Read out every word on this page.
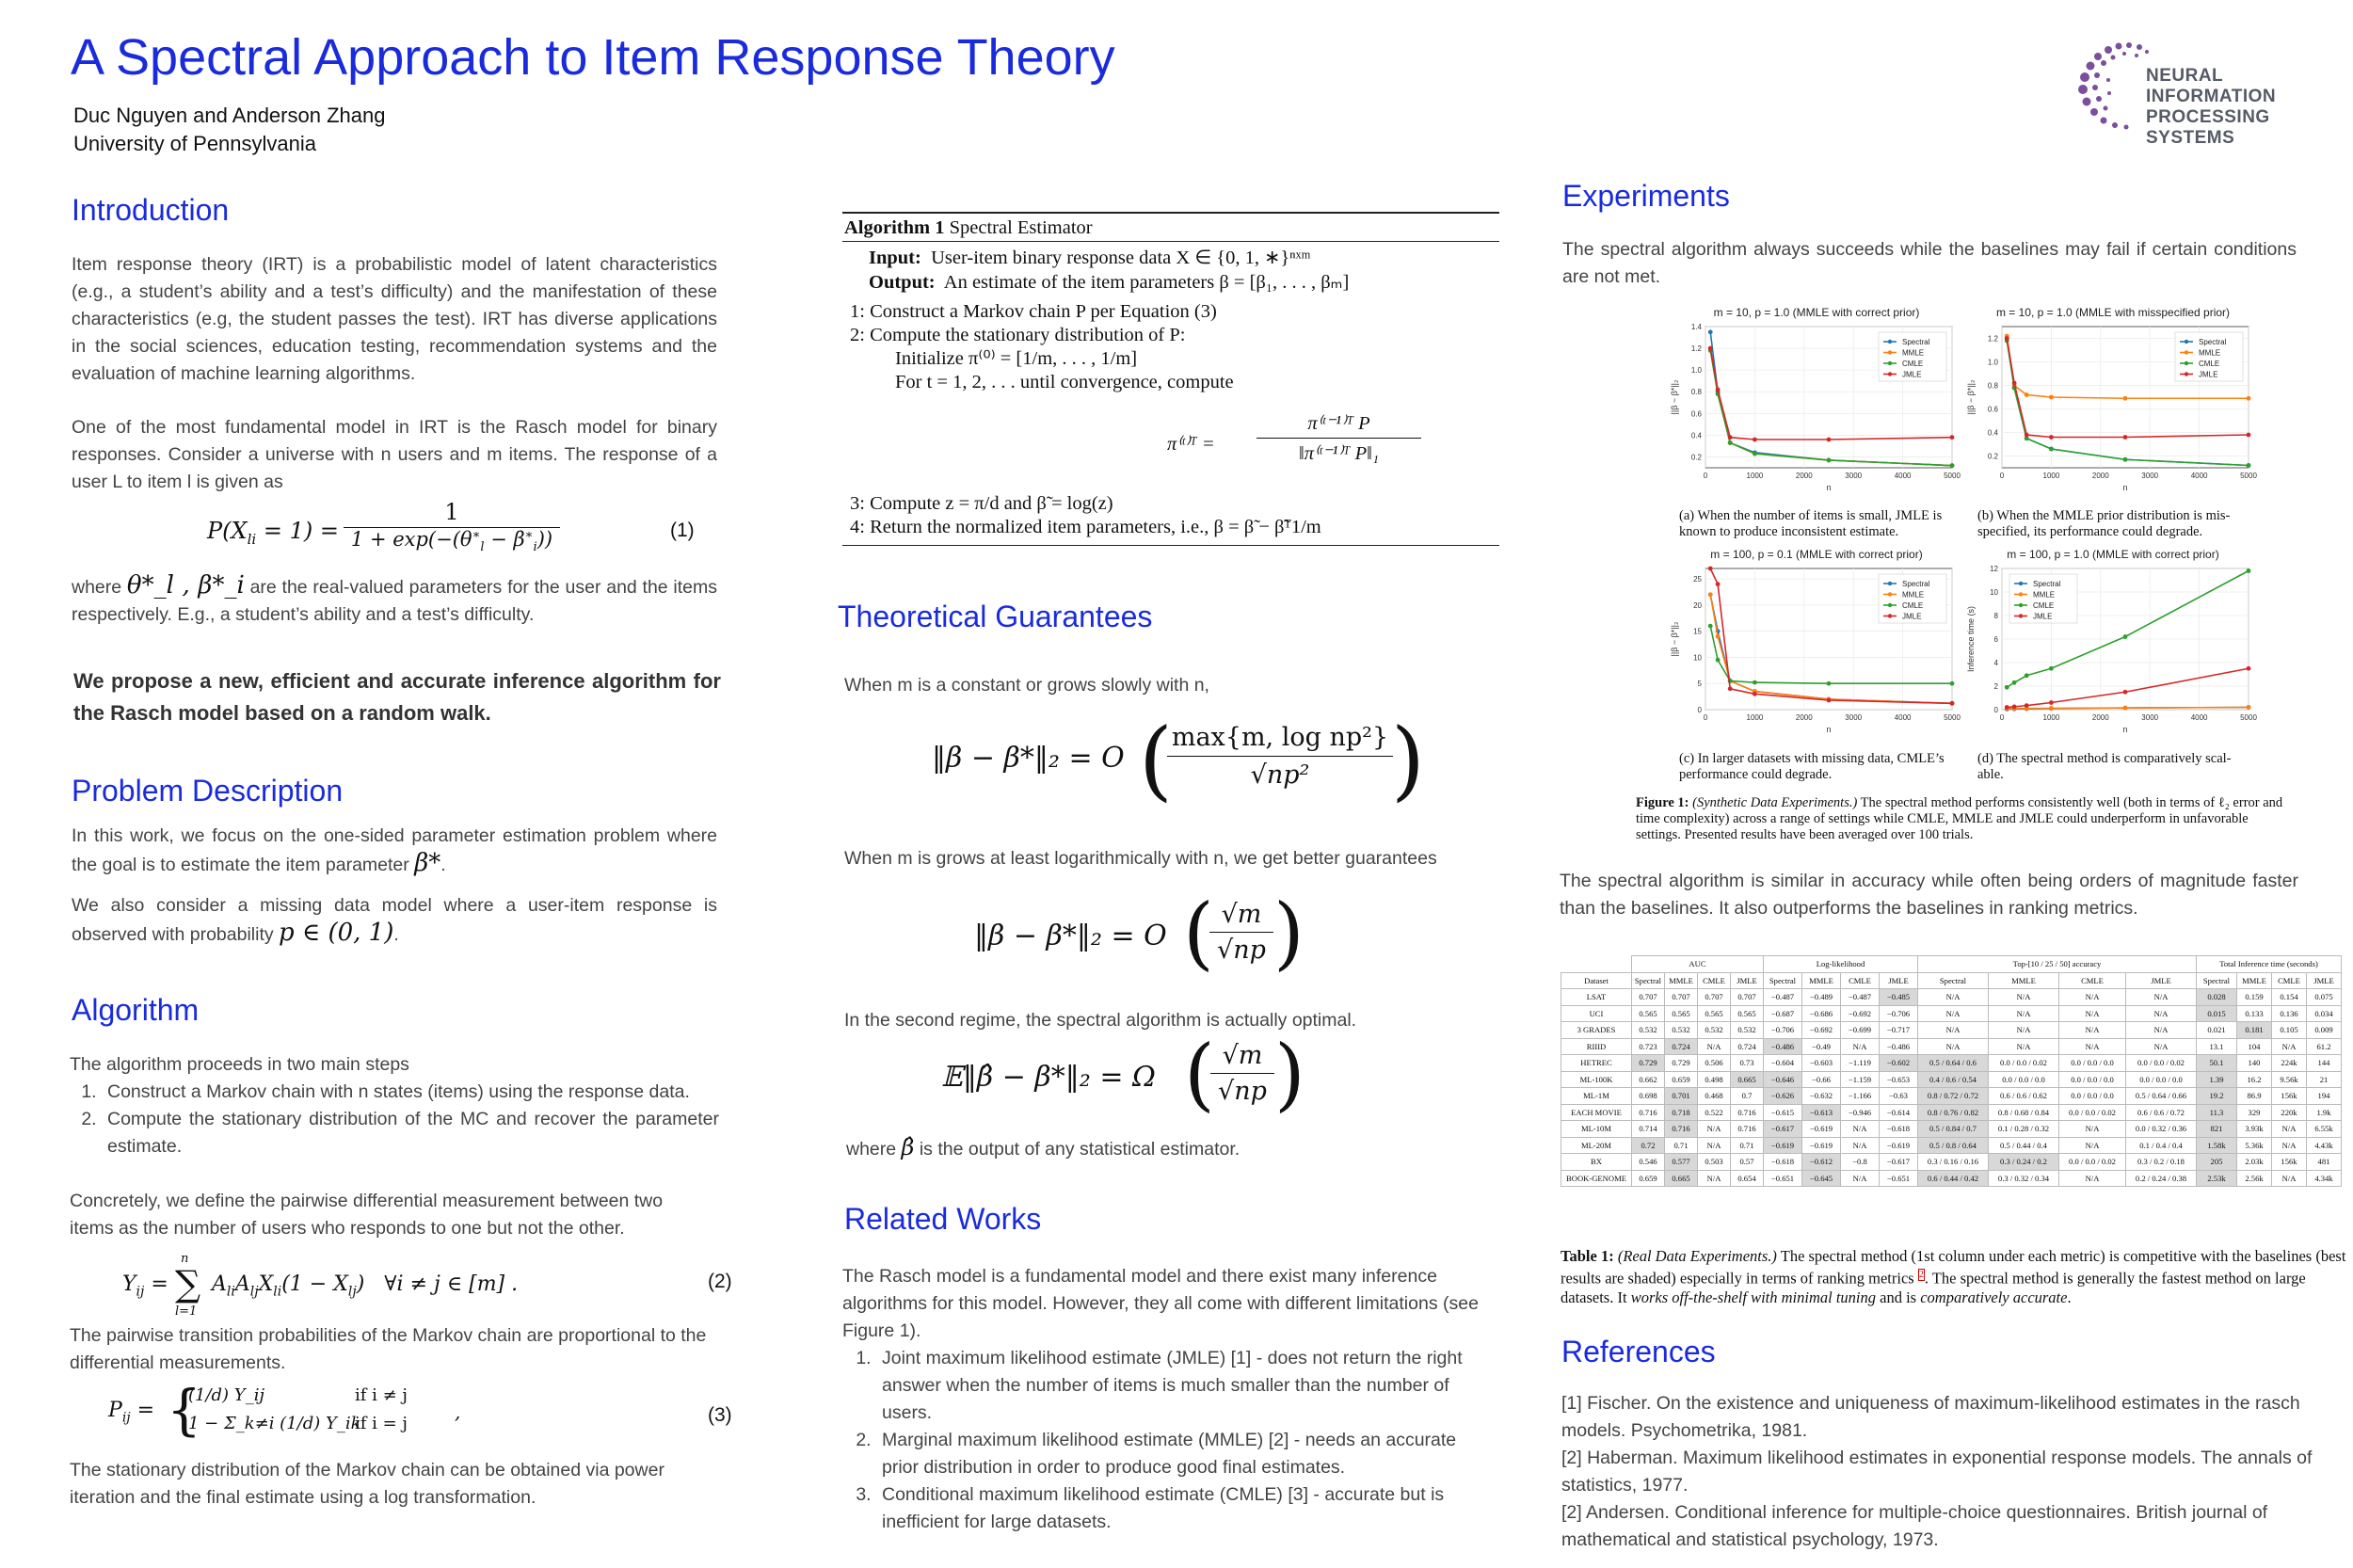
A Spectral Approach to Item Response Theory
Duc Nguyen and Anderson Zhang
University of Pennsylvania
NEURAL INFORMATION
PROCESSING SYSTEMS
Introduction
Item response theory (IRT) is a probabilistic model of latent characteristics (e.g., a student’s ability and a test’s difficulty) and the manifestation of these characteristics (e.g, the student passes the test). IRT has diverse applications in the social sciences, education testing, recommendation systems and the evaluation of machine learning algorithms.
One of the most fundamental model in IRT is the Rasch model for binary responses. Consider a universe with n users and m items. The response of a user L to item l is given as
$P(X_{li} = 1)$ =
1
$1 + \exp(-(\theta^∗_l - \beta^∗_i))$	(1)
where θ*_l , β*_i are the real-valued parameters for the user and the items respectively. E.g., a student’s ability and a test’s difficulty.
We propose a new, efficient and accurate inference algorithm for the Rasch model based on a random walk.
Problem Description
In this work, we focus on the one-sided parameter estimation problem where the goal is to estimate the item parameter β*.
We also consider a missing data model where a user-item response is observed with probability p ∈ (0, 1).
Algorithm
The algorithm proceeds in two main steps
1. Construct a Markov chain with n states (items) using the response data.
2. Compute the stationary distribution of the MC and recover the parameter estimate.
Concretely, we define the pairwise differential measurement between two items as the number of users who responds to one but not the other.
$Y_{ij}$ =
n
∑
l=1
$A_{li}A_{lj}X_{li}(1 - X_{lj})$   ∀i ≠ j ∈ [m] .	(2)
The pairwise transition probabilities of the Markov chain are proportional to the differential measurements.
$P_{ij}$ = {
(1/d) Y_ij	if i ≠ j
1 − Σ_k≠i (1/d) Y_ik
if i = j
,	(3)
The stationary distribution of the Markov chain can be obtained via power iteration and the final estimate using a log transformation.
Algorithm 1 Spectral Estimator
Input: User-item binary response data X ∈ {0, 1, ∗}ⁿˣᵐ
Output: An estimate of the item parameters β = [β₁, . . . , βₘ]
1: Construct a Markov chain P per Equation (3)
2: Compute the stationary distribution of P:
Initialize π⁽⁰⁾ = [1/m, . . . , 1/m]
For t = 1, 2, . . . until convergence, compute
π⁽ᵗ⁾ᵀ = $\frac{\text{π⁽ᵗ⁻¹⁾ᵀ P}}{\text{‖π⁽ᵗ⁻¹⁾ᵀ P‖₁}}$
3: Compute z = π/d and β̃ = log(z)
4: Return the normalized item parameters, i.e., β = β̃ − β̃ᵀ1/m
Theoretical Guarantees
When m is a constant or grows slowly with n,
‖β − β*‖₂ = O (
max{m, log np²}
√np² )
When m is grows at least logarithmically with n, we get better guarantees
‖β − β*‖₂ = O (
$\frac{√m}{√np}$ )
In the second regime, the spectral algorithm is actually optimal.
𝔼‖β̂ − β*‖₂ = Ω (
$\frac{√m}{√np}$ )
where β̂ is the output of any statistical estimator.
Related Works
The Rasch model is a fundamental model and there exist many inference algorithms for this model. However, they all come with different limitations (see Figure 1).
1. Joint maximum likelihood estimate (JMLE) [1] - does not return the right answer when the number of items is much smaller than the number of users.
2. Marginal maximum likelihood estimate (MMLE) [2] - needs an accurate prior distribution in order to produce good final estimates.
3. Conditional maximum likelihood estimate (CMLE) [3] - accurate but is inefficient for large datasets.
Experiments
The spectral algorithm always succeeds while the baselines may fail if certain conditions are not met.
m = 10, p = 1.0 (MMLE with correct prior)
0	1000	2000	3000	4000	5000
0.2
0.4
0.6
0.8
1.0
1.2
1.4
n
||β − β*||₂
Spectral
MMLE
CMLE
JMLE
m = 10, p = 1.0 (MMLE with misspecified prior)
0	1000	2000	3000	4000	5000
0.2
0.4
0.6
0.8
1.0
1.2
n
||β − β*||₂
Spectral
MMLE
CMLE
JMLE
(a) When the number of items is small, JMLE is known to produce inconsistent estimate.
(b) When the MMLE prior distribution is mis-specified, its performance could degrade.
m = 100, p = 0.1 (MMLE with correct prior)
0	1000	2000	3000	4000	5000
0
5
10
15
20
25
n
||β − β*||₂
Spectral
MMLE
CMLE
JMLE
m = 100, p = 1.0 (MMLE with correct prior)
0	1000	2000	3000	4000	5000
0
2
4
6
8
10
12
n
Inference time (s)
Spectral
MMLE
CMLE
JMLE
(c) In larger datasets with missing data, CMLE’s performance could degrade.
(d) The spectral method is comparatively scal-able.
Figure 1: (Synthetic Data Experiments.) The spectral method performs consistently well (both in terms of ℓ₂ error and time complexity) across a range of settings while CMLE, MMLE and JMLE could underperform in unfavorable settings. Presented results have been averaged over 100 trials.
The spectral algorithm is similar in accuracy while often being orders of magnitude faster than the baselines. It also outperforms the baselines in ranking metrics.
	AUC				Log-likelihood				Top-[10 / 25 / 50] accuracy				Total Inference time (seconds)			
Dataset	Spectral	MMLE	CMLE	JMLE	Spectral	MMLE	CMLE	JMLE	Spectral	MMLE	CMLE	JMLE	Spectral	MMLE	CMLE	JMLE
LSAT	0.707	0.707	0.707	0.707	−0.487	−0.489	−0.487	−0.485	N/A	N/A	N/A	N/A	0.028	0.159	0.154	0.075
UCI	0.565	0.565	0.565	0.565	−0.687	−0.686	−0.692	−0.706	N/A	N/A	N/A	N/A	0.015	0.133	0.136	0.034
3 GRADES	0.532	0.532	0.532	0.532	−0.706	−0.692	−0.699	−0.717	N/A	N/A	N/A	N/A	0.021	0.181	0.105	0.009
RIIID	0.723	0.724	N/A	0.724	−0.486	−0.49	N/A	−0.486	N/A	N/A	N/A	N/A	13.1	104	N/A	61.2
HETREC	0.729	0.729	0.506	0.73	−0.604	−0.603	−1.119	−0.602	0.5 / 0.64 / 0.6	0.0 / 0.0 / 0.02	0.0 / 0.0 / 0.0	0.0 / 0.0 / 0.02	50.1	140	224k	144
ML-100K	0.662	0.659	0.498	0.665	−0.646	−0.66	−1.159	−0.653	0.4 / 0.6 / 0.54	0.0 / 0.0 / 0.0	0.0 / 0.0 / 0.0	0.0 / 0.0 / 0.0	1.39	16.2	9.56k	21
ML-1M	0.698	0.701	0.468	0.7	−0.626	−0.632	−1.166	−0.63	0.8 / 0.72 / 0.72	0.6 / 0.6 / 0.62	0.0 / 0.0 / 0.0	0.5 / 0.64 / 0.66	19.2	86.9	156k	194
EACH MOVIE	0.716	0.718	0.522	0.716	−0.615	−0.613	−0.946	−0.614	0.8 / 0.76 / 0.82	0.8 / 0.68 / 0.84	0.0 / 0.0 / 0.02	0.6 / 0.6 / 0.72	11.3	329	220k	1.9k
ML-10M	0.714	0.716	N/A	0.716	−0.617	−0.619	N/A	−0.618	0.5 / 0.84 / 0.7	0.1 / 0.28 / 0.32	N/A	0.0 / 0.32 / 0.36	821	3.93k	N/A	6.55k
ML-20M	0.72	0.71	N/A	0.71	−0.619	−0.619	N/A	−0.619	0.5 / 0.8 / 0.64	0.5 / 0.44 / 0.4	N/A	0.1 / 0.4 / 0.4	1.58k	5.36k	N/A	4.43k
BX	0.546	0.577	0.503	0.57	−0.618	−0.612	−0.8	−0.617	0.3 / 0.16 / 0.16	0.3 / 0.24 / 0.2	0.0 / 0.0 / 0.02	0.3 / 0.2 / 0.18	205	2.03k	156k	481
BOOK-GENOME	0.659	0.665	N/A	0.654	−0.651	−0.645	N/A	−0.651	0.6 / 0.44 / 0.42	0.3 / 0.32 / 0.34	N/A	0.2 / 0.24 / 0.38	2.53k	2.56k	N/A	4.34k
Table 1: (Real Data Experiments.) The spectral method (1st column under each metric) is competitive with the baselines (best results are shaded) especially in terms of ranking metrics $^2$. The spectral method is generally the fastest method on large datasets. It works off-the-shelf with minimal tuning and is comparatively accurate.
References
[1] Fischer. On the existence and uniqueness of maximum-likelihood estimates in the rasch models. Psychometrika, 1981.
[2] Haberman. Maximum likelihood estimates in exponential response models. The annals of statistics, 1977.
[2] Andersen. Conditional inference for multiple-choice questionnaires. British journal of mathematical and statistical psychology, 1973.
